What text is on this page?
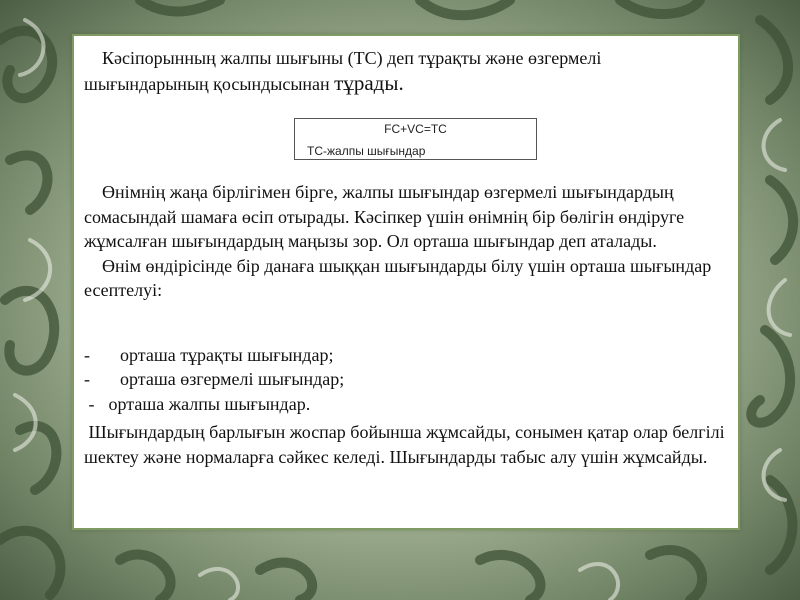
Кәсіпорынның жалпы шығыны (ТС) деп тұрақты және өзгермелі шығындарының қосындысынан тұрады.

FC+VC=TC
TC-жалпы шығындар
Өнімнің жаңа бірлігімен бірге, жалпы шығындар өзгермелі шығындардың сомасындай шамаға өсіп отырады. Кәсіпкер үшін өнімнің бір бөлігін өндіруге жұмсалған шығындардың маңызы зор. Ол орташа шығындар деп аталады.
Өнім өндірісінде бір данаға шыққан шығындарды білу үшін орташа шығындар есептелуі:

- орташа тұрақты шығындар;

- орташа өзгермелі шығындар;

- орташа жалпы шығындар.

Шығындардың барлығын жоспар бойынша жұмсайды, сонымен қатар олар белгілі шектеу және нормаларға сәйкес келеді. Шығындарды табыс алу үшін жұмсайды.
